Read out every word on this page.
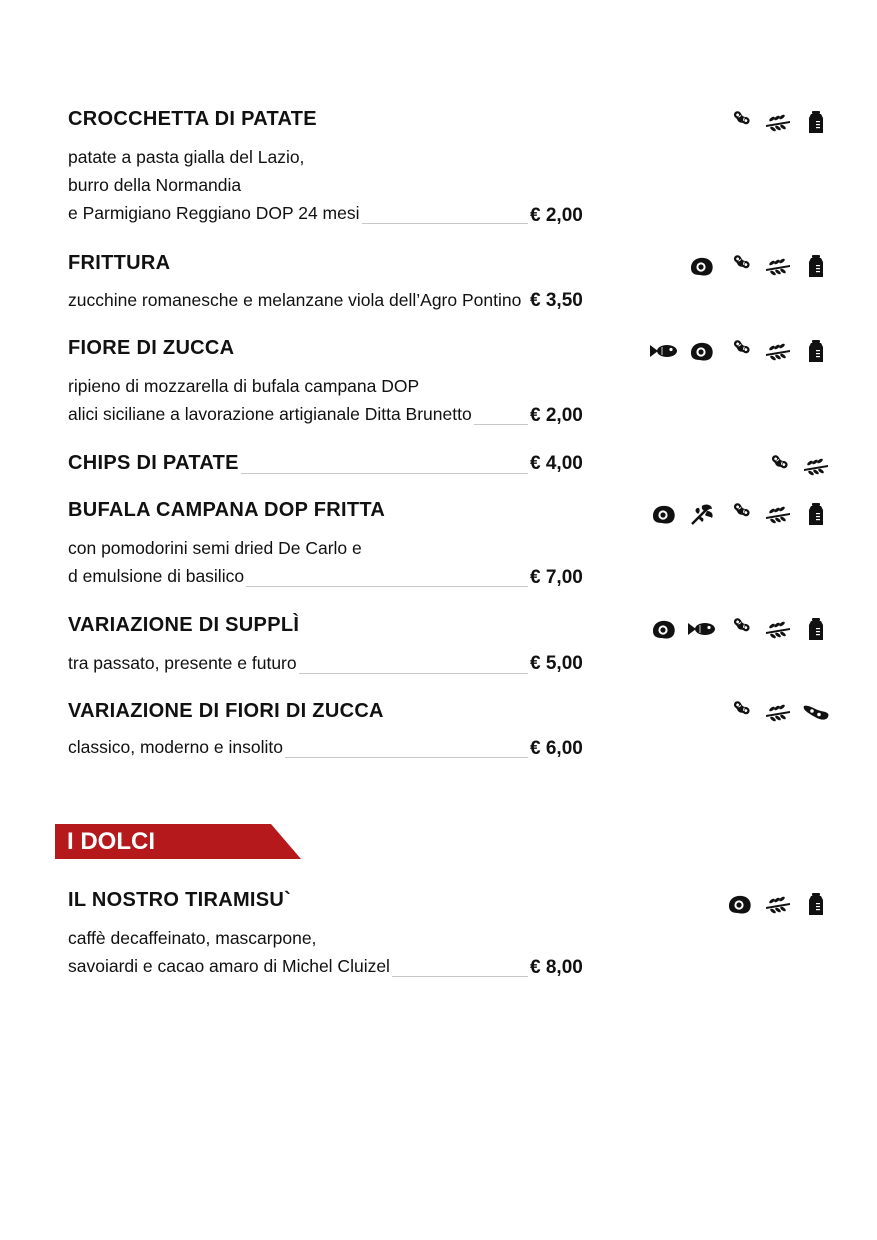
CROCCHETTA DI PATATE
patate a pasta gialla del Lazio,
burro della Normandia
e Parmigiano Reggiano DOP 24 mesi	€ 2,00
FRITTURA
zucchine romanesche e melanzane viola dell’Agro Pontino € 3,50
FIORE DI ZUCCA
ripieno di mozzarella di bufala campana DOP
alici siciliane a lavorazione artigianale Ditta Brunetto	€ 2,00
CHIPS DI PATATE	€ 4,00
BUFALA CAMPANA DOP FRITTA
con pomodorini semi dried De Carlo e
d emulsione di basilico	€ 7,00
VARIAZIONE DI SUPPLÌ
tra passato, presente e futuro	€ 5,00
VARIAZIONE DI FIORI DI ZUCCA
classico, moderno e insolito	€ 6,00
IL NOSTRO TIRAMISU`
caffè decaffeinato, mascarpone,
savoiardi e cacao amaro di Michel Cluizel	€ 8,00
I DOLCI
